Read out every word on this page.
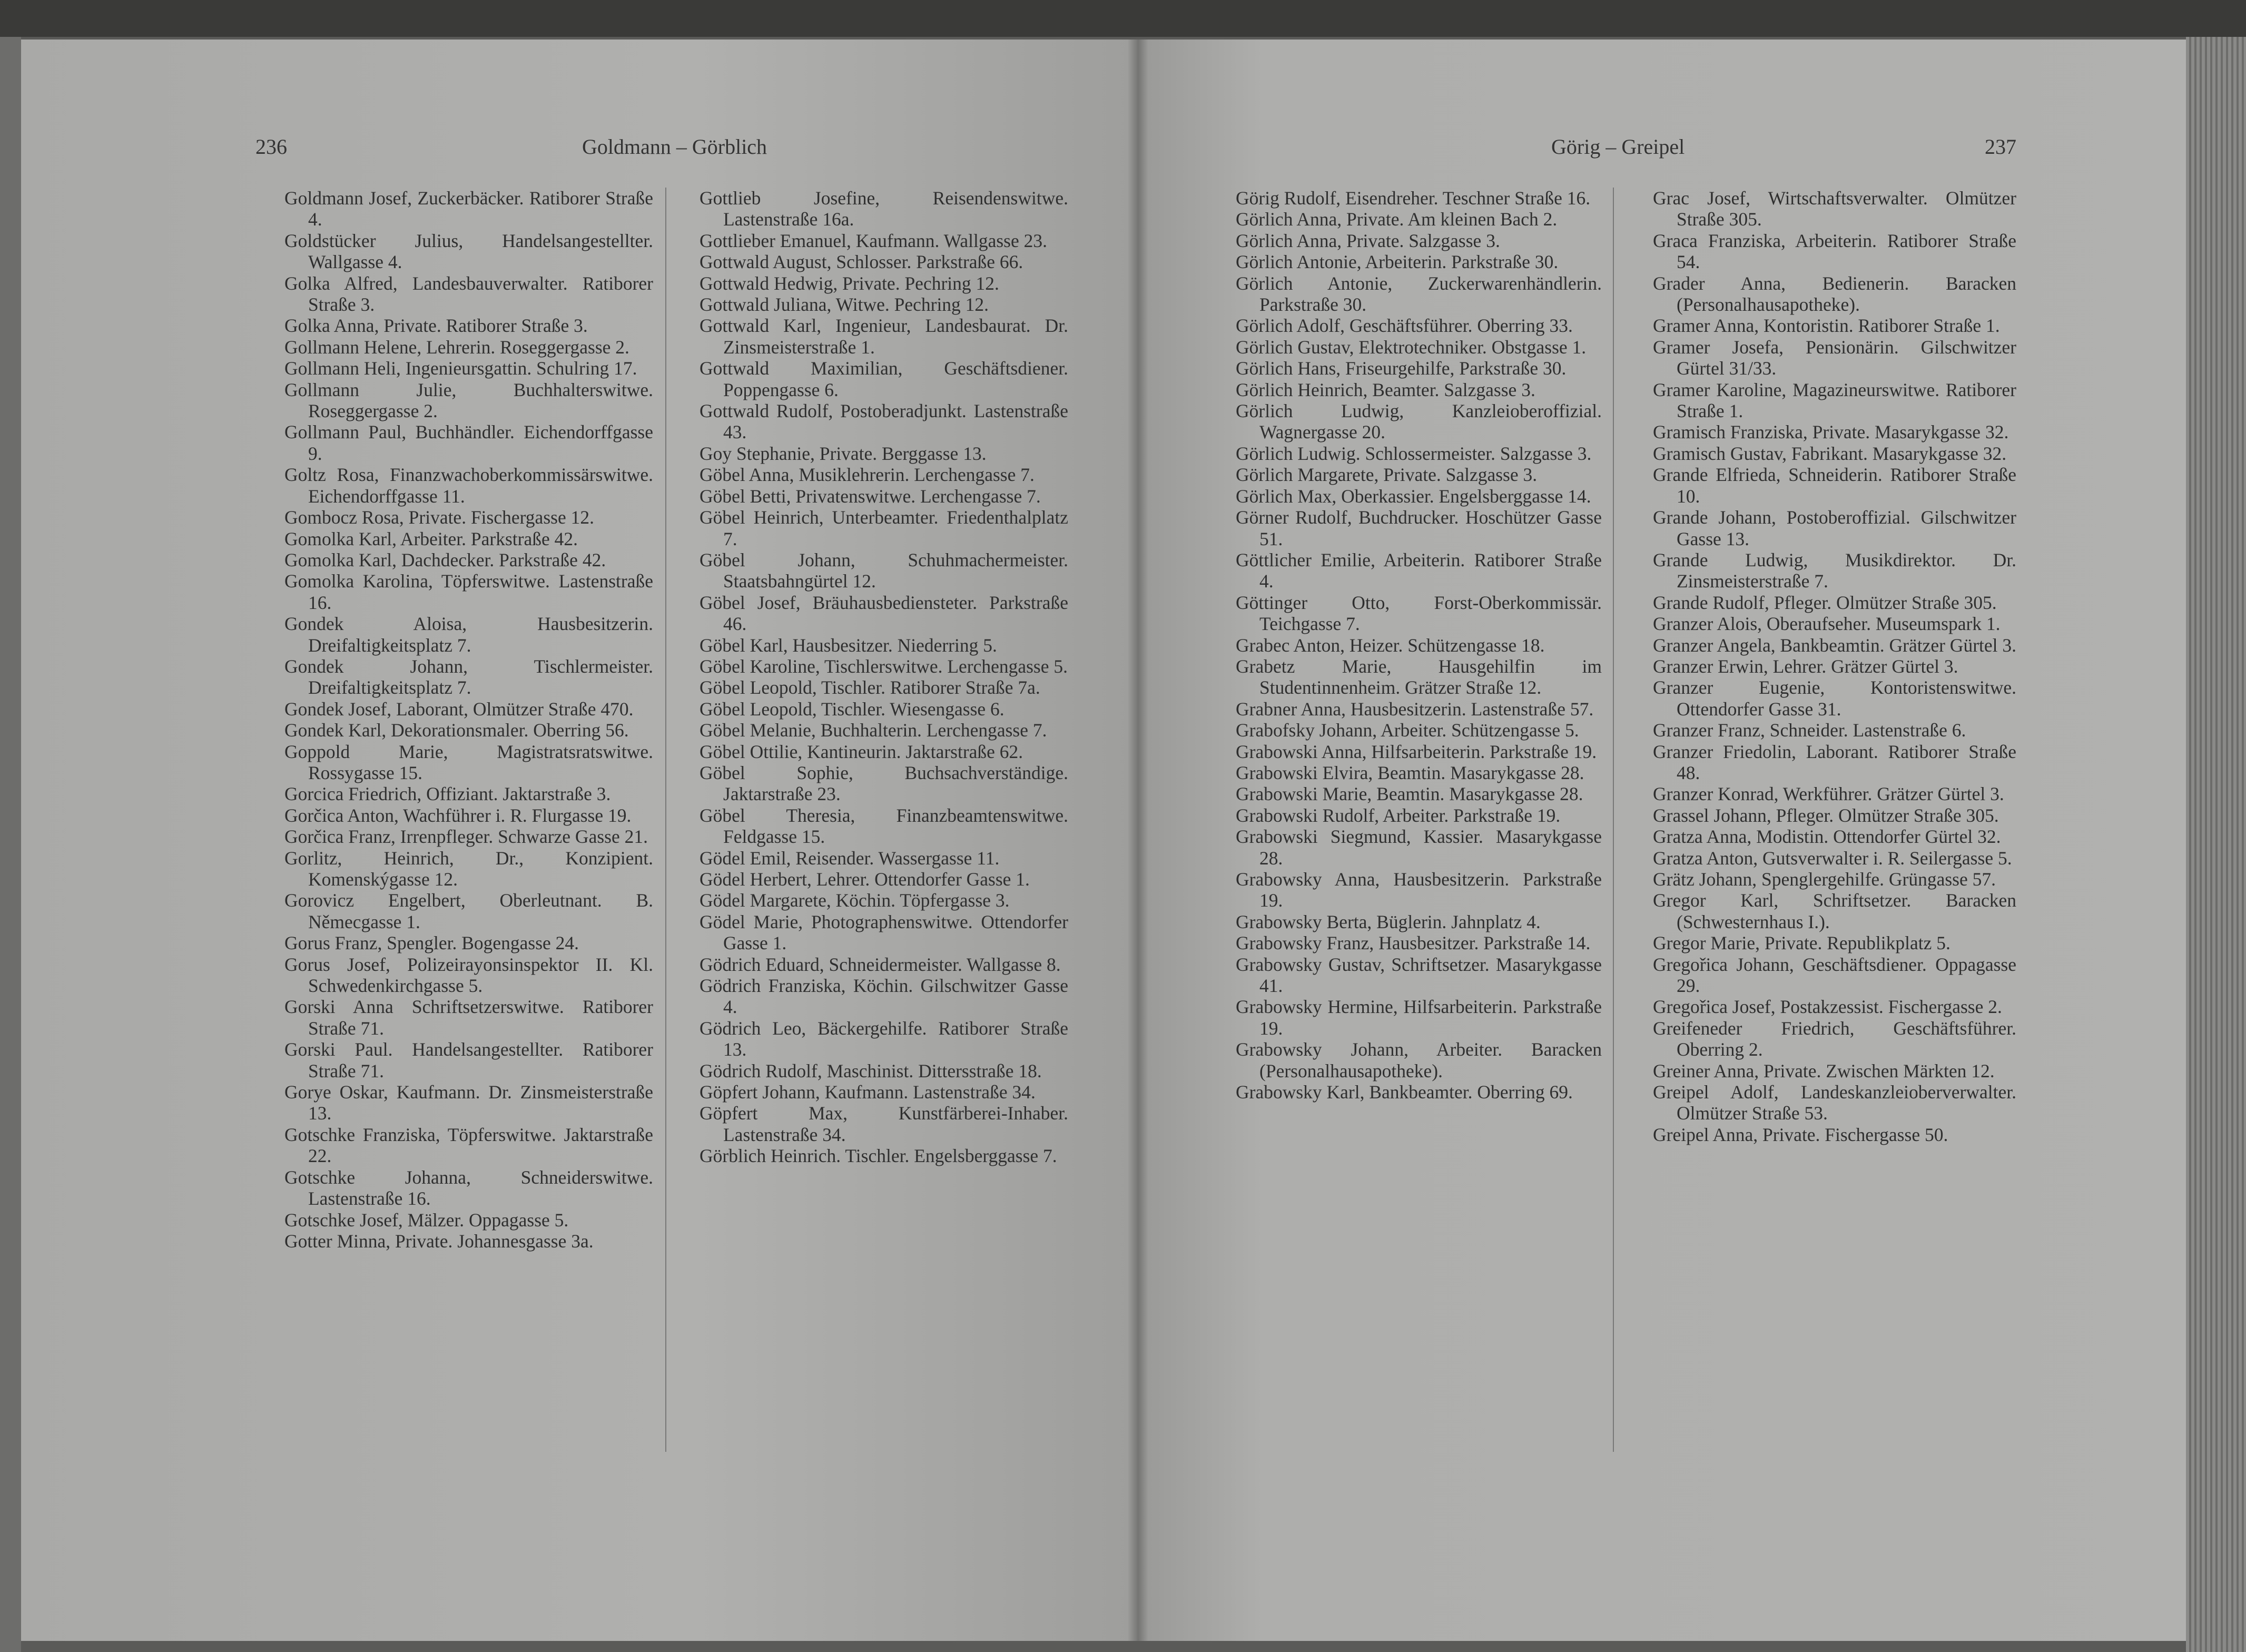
236	Goldmann – Görblich	Görig – Greipel	237
Goldmann Josef, Zuckerbäcker. Ratiborer Straße 4.
Goldstücker Julius, Handelsangestellter. Wallgasse 4.
Golka Alfred, Landesbauverwalter. Ratiborer Straße 3.
Golka Anna, Private. Ratiborer Straße 3.
Gollmann Helene, Lehrerin. Roseggergasse 2.
Gollmann Heli, Ingenieursgattin. Schulring 17.
Gollmann Julie, Buchhalterswitwe. Roseggergasse 2.
Gollmann Paul, Buchhändler. Eichendorffgasse 9.
Goltz Rosa, Finanzwachoberkommissärswitwe. Eichendorffgasse 11.
Gombocz Rosa, Private. Fischergasse 12.
Gomolka Karl, Arbeiter. Parkstraße 42.
Gomolka Karl, Dachdecker. Parkstraße 42.
Gomolka Karolina, Töpferswitwe. Lastenstraße 16.
Gondek Aloisa, Hausbesitzerin. Dreifaltigkeitsplatz 7.
Gondek Johann, Tischlermeister. Dreifaltigkeitsplatz 7.
Gondek Josef, Laborant, Olmützer Straße 470.
Gondek Karl, Dekorationsmaler. Oberring 56.
Goppold Marie, Magistratsratswitwe. Rossygasse 15.
Gorcica Friedrich, Offiziant. Jaktarstraße 3.
Gorčica Anton, Wachführer i. R. Flurgasse 19.
Gorčica Franz, Irrenpfleger. Schwarze Gasse 21.
Gorlitz, Heinrich, Dr., Konzipient. Komenskýgasse 12.
Gorovicz Engelbert, Oberleutnant. B. Němecgasse 1.
Gorus Franz, Spengler. Bogengasse 24.
Gorus Josef, Polizeirayonsinspektor II. Kl. Schwedenkirchgasse 5.
Gorski Anna Schriftsetzerswitwe. Ratiborer Straße 71.
Gorski Paul. Handelsangestellter. Ratiborer Straße 71.
Gorye Oskar, Kaufmann. Dr. Zinsmeisterstraße 13.
Gotschke Franziska, Töpferswitwe. Jaktarstraße 22.
Gotschke Johanna, Schneiderswitwe. Lastenstraße 16.
Gotschke Josef, Mälzer. Oppagasse 5.
Gotter Minna, Private. Johannesgasse 3a.
Gottlieb Josefine, Reisendenswitwe. Lastenstraße 16a.
Gottlieber Emanuel, Kaufmann. Wallgasse 23.
Gottwald August, Schlosser. Parkstraße 66.
Gottwald Hedwig, Private. Pechring 12.
Gottwald Juliana, Witwe. Pechring 12.
Gottwald Karl, Ingenieur, Landesbaurat. Dr. Zinsmeisterstraße 1.
Gottwald Maximilian, Geschäftsdiener. Poppengasse 6.
Gottwald Rudolf, Postoberadjunkt. Lastenstraße 43.
Goy Stephanie, Private. Berggasse 13.
Göbel Anna, Musiklehrerin. Lerchengasse 7.
Göbel Betti, Privatenswitwe. Lerchengasse 7.
Göbel Heinrich, Unterbeamter. Friedenthalplatz 7.
Göbel Johann, Schuhmachermeister. Staatsbahngürtel 12.
Göbel Josef, Bräuhausbediensteter. Parkstraße 46.
Göbel Karl, Hausbesitzer. Niederring 5.
Göbel Karoline, Tischlerswitwe. Lerchengasse 5.
Göbel Leopold, Tischler. Ratiborer Straße 7a.
Göbel Leopold, Tischler. Wiesengasse 6.
Göbel Melanie, Buchhalterin. Lerchengasse 7.
Göbel Ottilie, Kantineurin. Jaktarstraße 62.
Göbel Sophie, Buchsachverständige. Jaktarstraße 23.
Göbel Theresia, Finanzbeamtenswitwe. Feldgasse 15.
Gödel Emil, Reisender. Wassergasse 11.
Gödel Herbert, Lehrer. Ottendorfer Gasse 1.
Gödel Margarete, Köchin. Töpfergasse 3.
Gödel Marie, Photographenswitwe. Ottendorfer Gasse 1.
Gödrich Eduard, Schneidermeister. Wallgasse 8.
Gödrich Franziska, Köchin. Gilschwitzer Gasse 4.
Gödrich Leo, Bäckergehilfe. Ratiborer Straße 13.
Gödrich Rudolf, Maschinist. Dittersstraße 18.
Göpfert Johann, Kaufmann. Lastenstraße 34.
Göpfert Max, Kunstfärberei-Inhaber. Lastenstraße 34.
Görblich Heinrich. Tischler. Engelsberggasse 7.
Görig Rudolf, Eisendreher. Teschner Straße 16.
Görlich Anna, Private. Am kleinen Bach 2.
Görlich Anna, Private. Salzgasse 3.
Görlich Antonie, Arbeiterin. Parkstraße 30.
Görlich Antonie, Zuckerwarenhändlerin. Parkstraße 30.
Görlich Adolf, Geschäftsführer. Oberring 33.
Görlich Gustav, Elektrotechniker. Obstgasse 1.
Görlich Hans, Friseurgehilfe, Parkstraße 30.
Görlich Heinrich, Beamter. Salzgasse 3.
Görlich Ludwig, Kanzleioberoffizial. Wagnergasse 20.
Görlich Ludwig. Schlossermeister. Salzgasse 3.
Görlich Margarete, Private. Salzgasse 3.
Görlich Max, Oberkassier. Engelsberggasse 14.
Görner Rudolf, Buchdrucker. Hoschützer Gasse 51.
Göttlicher Emilie, Arbeiterin. Ratiborer Straße 4.
Göttinger Otto, Forst-Oberkommissär. Teichgasse 7.
Grabec Anton, Heizer. Schützengasse 18.
Grabetz Marie, Hausgehilfin im Studentinnenheim. Grätzer Straße 12.
Grabner Anna, Hausbesitzerin. Lastenstraße 57.
Grabofsky Johann, Arbeiter. Schützengasse 5.
Grabowski Anna, Hilfsarbeiterin. Parkstraße 19.
Grabowski Elvira, Beamtin. Masarykgasse 28.
Grabowski Marie, Beamtin. Masarykgasse 28.
Grabowski Rudolf, Arbeiter. Parkstraße 19.
Grabowski Siegmund, Kassier. Masarykgasse 28.
Grabowsky Anna, Hausbesitzerin. Parkstraße 19.
Grabowsky Berta, Büglerin. Jahnplatz 4.
Grabowsky Franz, Hausbesitzer. Parkstraße 14.
Grabowsky Gustav, Schriftsetzer. Masarykgasse 41.
Grabowsky Hermine, Hilfsarbeiterin. Parkstraße 19.
Grabowsky Johann, Arbeiter. Baracken (Personalhausapotheke).
Grabowsky Karl, Bankbeamter. Oberring 69.
Grac Josef, Wirtschaftsverwalter. Olmützer Straße 305.
Graca Franziska, Arbeiterin. Ratiborer Straße 54.
Grader Anna, Bedienerin. Baracken (Personalhausapotheke).
Gramer Anna, Kontoristin. Ratiborer Straße 1.
Gramer Josefa, Pensionärin. Gilschwitzer Gürtel 31/33.
Gramer Karoline, Magazineurswitwe. Ratiborer Straße 1.
Gramisch Franziska, Private. Masarykgasse 32.
Gramisch Gustav, Fabrikant. Masarykgasse 32.
Grande Elfrieda, Schneiderin. Ratiborer Straße 10.
Grande Johann, Postoberoffizial. Gilschwitzer Gasse 13.
Grande Ludwig, Musikdirektor. Dr. Zinsmeisterstraße 7.
Grande Rudolf, Pfleger. Olmützer Straße 305.
Granzer Alois, Oberaufseher. Museumspark 1.
Granzer Angela, Bankbeamtin. Grätzer Gürtel 3.
Granzer Erwin, Lehrer. Grätzer Gürtel 3.
Granzer Eugenie, Kontoristenswitwe. Ottendorfer Gasse 31.
Granzer Franz, Schneider. Lastenstraße 6.
Granzer Friedolin, Laborant. Ratiborer Straße 48.
Granzer Konrad, Werkführer. Grätzer Gürtel 3.
Grassel Johann, Pfleger. Olmützer Straße 305.
Gratza Anna, Modistin. Ottendorfer Gürtel 32.
Gratza Anton, Gutsverwalter i. R. Seilergasse 5.
Grätz Johann, Spenglergehilfe. Grüngasse 57.
Gregor Karl, Schriftsetzer. Baracken (Schwesternhaus I.).
Gregor Marie, Private. Republikplatz 5.
Gregořica Johann, Geschäftsdiener. Oppagasse 29.
Gregořica Josef, Postakzessist. Fischergasse 2.
Greifeneder Friedrich, Geschäftsführer. Oberring 2.
Greiner Anna, Private. Zwischen Märkten 12.
Greipel Adolf, Landeskanzleioberverwalter. Olmützer Straße 53.
Greipel Anna, Private. Fischergasse 50.
